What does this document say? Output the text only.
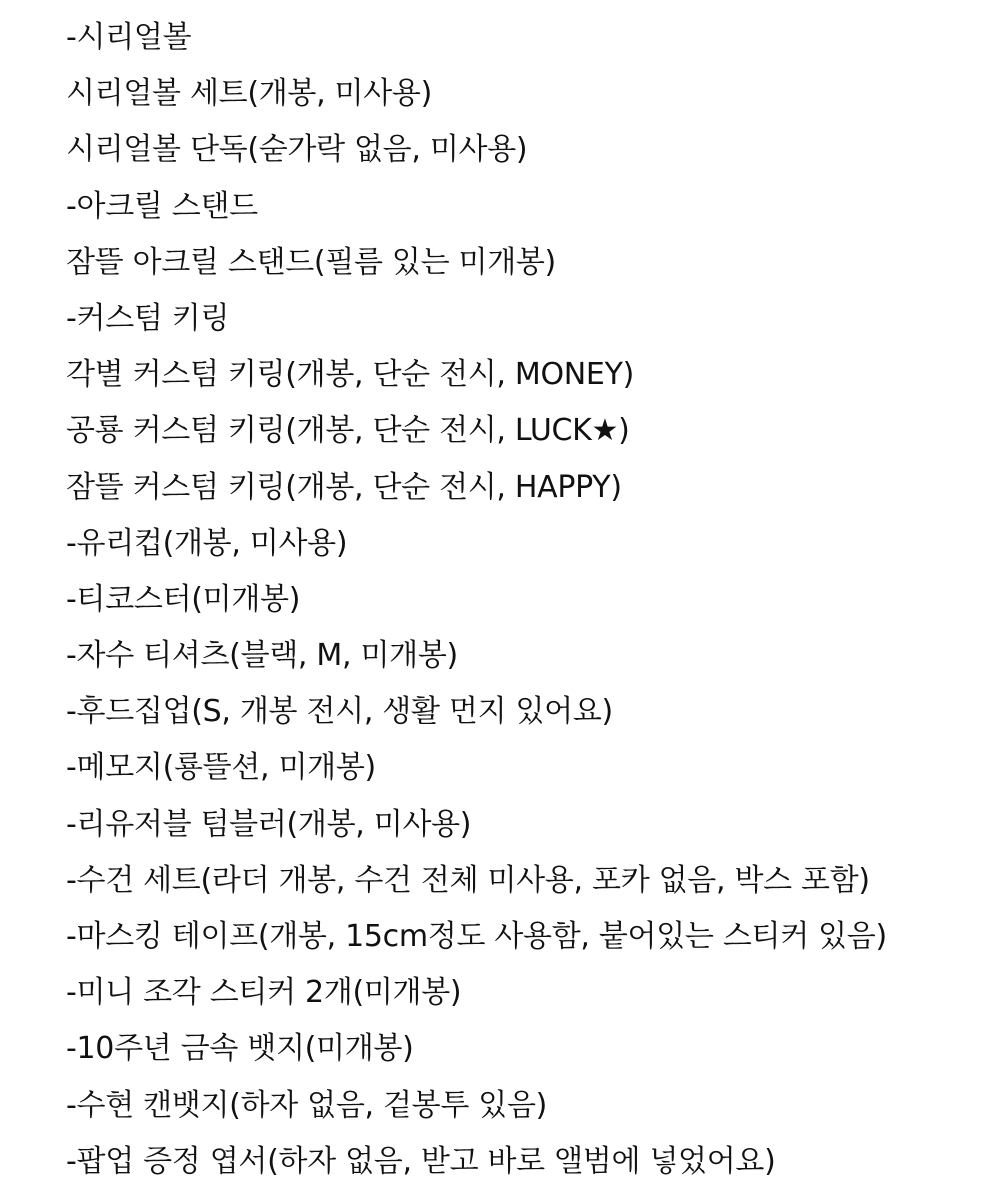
-시리얼볼
시리얼볼 세트(개봉, 미사용)
시리얼볼 단독(숟가락 없음, 미사용)
-아크릴 스탠드
잠뜰 아크릴 스탠드(필름 있는 미개봉)
-커스텀 키링
각별 커스텀 키링(개봉, 단순 전시, MONEY)
공룡 커스텀 키링(개봉, 단순 전시, LUCK★)
잠뜰 커스텀 키링(개봉, 단순 전시, HAPPY)
-유리컵(개봉, 미사용)
-티코스터(미개봉)
-자수 티셔츠(블랙, M, 미개봉)
-후드집업(S, 개봉 전시, 생활 먼지 있어요)
-메모지(룡뜰션, 미개봉)
-리유저블 텀블러(개봉, 미사용)
-수건 세트(라더 개봉, 수건 전체 미사용, 포카 없음, 박스 포함)
-마스킹 테이프(개봉, 15cm정도 사용함, 붙어있는 스티커 있음)
-미니 조각 스티커 2개(미개봉)
-10주년 금속 뱃지(미개봉)
-수현 캔뱃지(하자 없음, 겉봉투 있음)
-팝업 증정 엽서(하자 없음, 받고 바로 앨범에 넣었어요)
